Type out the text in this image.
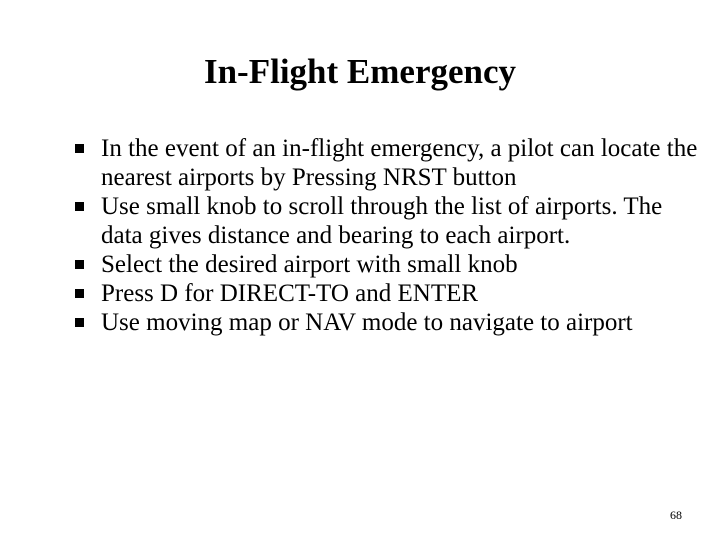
In-Flight Emergency
In the event of an in-flight emergency, a pilot can locate the nearest airports by Pressing NRST button
Use small knob to scroll through the list of airports. The data gives distance and bearing to each airport.
Select the desired airport with small knob
Press D for DIRECT-TO and ENTER
Use moving map or NAV mode to navigate to airport
68
